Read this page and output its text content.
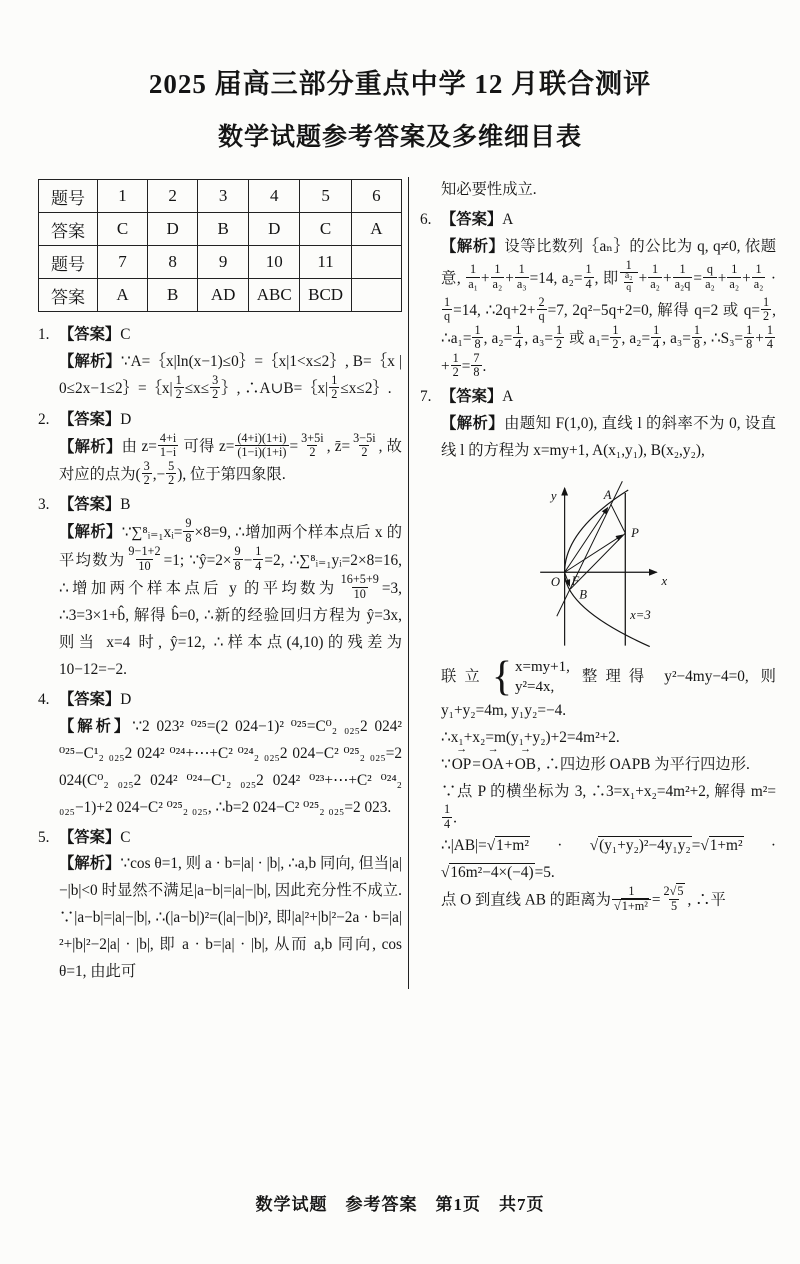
2025 届高三部分重点中学 12 月联合测评
数学试题参考答案及多维细目表
题号	1	2	3	4	5	6
答案	C	D	B	D	C	A
题号	7	8	9	10	11	
答案	A	B	AD	ABC	BCD	
1. 【答案】C

【解析】∵A=｛x|ln(x−1)≤0｝=｛x|1<x≤2｝, B=｛x | 0≤2x−1≤2｝=｛x| $\frac{1}{2} \le x\le \frac{3}{2}$ ｝, ∴A∪B=｛x| $\frac{1}{2}$ ≤x≤2｝.

2. 【答案】D

【解析】由 $z= \frac{4+i}{1-i}$ 可得 $z= \frac{(4+i)(1+i)}{(1-i)(1+i)} = \frac{3+5i}{2}$ , z̄= $\frac{3-5i}{2}$ , 故对应的点为( $\frac{3}{2}$ ,− $\frac{5}{2}$ ), 位于第四象限.

3. 【答案】B

【解析】∵∑⁸ᵢ₌₁xᵢ= $\frac{9}{8} \times 8=9$, ∴增加两个样本点后 x 的平均数为 $\frac{9-1+2}{10} =1$; ∵ŷ=2× $\frac{9}{8} - \frac{1}{4} =2$, ∴∑⁸ᵢ₌₁yᵢ=2×8=16, ∴增加两个样本点后 y 的平均数为 $\frac{16+5+9}{10} =3$, ∴3=3×1+b̂, 解得 b̂=0, ∴新的经验回归方程为 ŷ=3x, 则当 x=4 时, ŷ=12, ∴样本点(4,10)的残差为 10−12=−2.

4. 【答案】D

【解析】∵2 023² ⁰²⁵=(2 024−1)² ⁰²⁵=C⁰₂ ₀₂₅2 024² ⁰²⁵−C¹₂ ₀₂₅2 024² ⁰²⁴+⋯+C² ⁰²⁴₂ ₀₂₅2 024−C² ⁰²⁵₂ ₀₂₅=2 024(C⁰₂ ₀₂₅2 024² ⁰²⁴−C¹₂ ₀₂₅2 024² ⁰²³+⋯+C² ⁰²⁴₂ ₀₂₅−1)+2 024−C² ⁰²⁵₂ ₀₂₅, ∴b=2 024−C² ⁰²⁵₂ ₀₂₅=2 023.

5. 【答案】C

【解析】∵cos θ=1, 则 a · b=|a| · |b|, ∴a,b 同向, 但当|a|−|b|<0 时显然不满足|a−b|=|a|−|b|, 因此充分性不成立. ∵|a−b|=|a|−|b|, ∴(|a−b|)²=(|a|−|b|)², 即|a|²+|b|²−2a · b=|a|²+|b|²−2|a| · |b|, 即 a · b=|a| · |b|, 从而 a,b 同向, cos θ=1, 由此可

知必要性成立.

6. 【答案】A

【解析】设等比数列｛aₙ｝的公比为 q, q≠0, 依题意, $\frac{1}{\text{a₁}} + \frac{1}{\text{a₂}} + \frac{1}{\text{a₃}} =14$, $a_2= \frac{1}{4}$ , 即 $\frac{1}{\frac{\text{a₂}}{q}} + \frac{1}{\text{a₂}} + \frac{1}{\text{a₂q}} = \frac{q}{\text{a₂}} + \frac{1}{\text{a₂}} + \frac{1}{\text{a₂}}$ ·
$\frac{1}{q} =14$, ∴2q+2+ $\frac{2}{q} =7$, 2q²−5q+2=0, 解得 q=2 或 $q= \frac{1}{2}$ , ∴a₁= $\frac{1}{8}$ , $a_2= \frac{1}{4}$ , $a_3= \frac{1}{2}$ 或 $a_1= \frac{1}{2}$ , $a_2= \frac{1}{4}$ , $a_3= \frac{1}{8}$ , ∴S₃= $\frac{1}{8} + \frac{1}{4}$
+ $\frac{1}{2} = \frac{7}{8}$ .

7. 【答案】A

【解析】由题知 F(1,0), 直线 l 的斜率不为 0, 设直线 l 的方程为 x=my+1, A(x₁,y₁), B(x₂,y₂),

y
x
A
P
O F
B
x=3

联立 { x=my+1,
y²=4x,
整理得 y²−4my−4=0, 则 y₁+y₂=4m, y₁y₂=−4.

∴x₁+x₂=m(y₁+y₂)+2=4m²+2.

∵OP →=OA →+OB →, ∴四边形 OAPB 为平行四边形.

∵点 P 的横坐标为 3, ∴3=x₁+x₂=4m²+2, 解得 m²=
$\frac{1}{4}$ .

∴|AB|=√1+m² · √(y₁+y₂)²−4y₁y₂=√1+m² · √16m²−4×(−4)=5.

点 O 到直线 AB 的距离为 $\frac{1}{\text{√1+m²}} = \frac{2√5}{5}$ , ∴平

数学试题　参考答案　第1页　共7页
